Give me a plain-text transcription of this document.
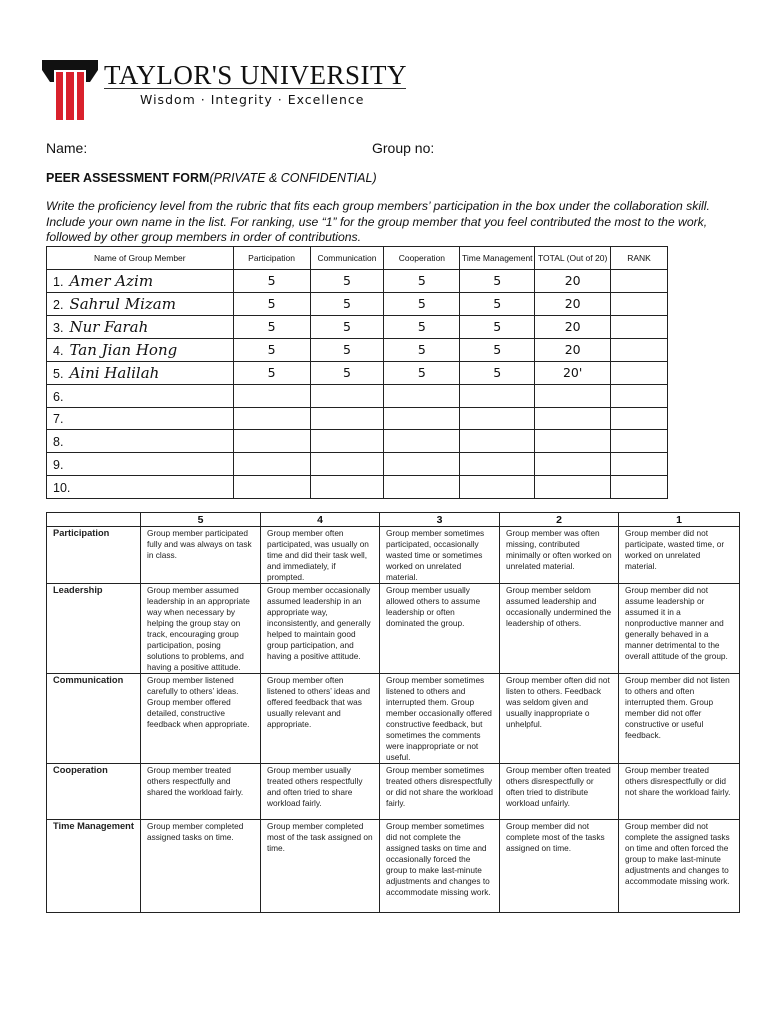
TAYLOR'S UNIVERSITY
Wisdom · Integrity · Excellence
Name:	Group no:
PEER ASSESSMENT FORM(PRIVATE & CONFIDENTIAL)
Write the proficiency level from the rubric that fits each group members’ participation in the box under the collaboration skill. Include your own name in the list. For ranking, use “1” for the group member that you feel contributed the most to the work, followed by other group members in order of contributions.
Name of Group Member	Participation	Communication	Cooperation	Time Management	TOTAL (Out of 20)	RANK
1. Amer Azim	5	5	5	5	20	
2. Sahrul Mizam	5	5	5	5	20	
3. Nur Farah	5	5	5	5	20	
4. Tan Jian Hong	5	5	5	5	20	
5. Aini Halilah	5	5	5	5	20'	
6.						
7.						
8.						
9.						
10.						
	5	4	3	2	1
Participation	Group member participated fully and was always on task in class.	Group member often participated, was usually on time and did their task well, and immediately, if prompted.	Group member sometimes participated, occasionally wasted time or sometimes worked on unrelated material.	Group member was often missing, contributed minimally or often worked on unrelated material.	Group member did not participate, wasted time, or worked on unrelated material.
Leadership	Group member assumed leadership in an appropriate way when necessary by helping the group stay on track, encouraging group participation, posing solutions to problems, and having a positive attitude.	Group member occasionally assumed leadership in an appropriate way, inconsistently, and generally helped to maintain good group participation, and having a positive attitude.	Group member usually allowed others to assume leadership or often dominated the group.	Group member seldom assumed leadership and occasionally undermined the leadership of others.	Group member did not assume leadership or assumed it in a nonproductive manner and generally behaved in a manner detrimental to the overall attitude of the group.
Communication	Group member listened carefully to others’ ideas. Group member offered detailed, constructive feedback when appropriate.	Group member often listened to others’ ideas and offered feedback that was usually relevant and appropriate.	Group member sometimes listened to others and interrupted them. Group member occasionally offered constructive feedback, but sometimes the comments were inappropriate or not useful.	Group member often did not listen to others. Feedback was seldom given and usually inappropriate o unhelpful.	Group member did not listen to others and often interrupted them. Group member did not offer constructive or useful feedback.
Cooperation	Group member treated others respectfully and shared the workload fairly.	Group member usually treated others respectfully and often tried to share workload fairly.	Group member sometimes treated others disrespectfully or did not share the workload fairly.	Group member often treated others disrespectfully or often tried to distribute workload unfairly.	Group member treated others disrespectfully or did not share the workload fairly.
Time Management	Group member completed assigned tasks on time.	Group member completed most of the task assigned on time.	Group member sometimes did not complete the assigned tasks on time and occasionally forced the group to make last-minute adjustments and changes to accommodate missing work.	Group member did not complete most of the tasks assigned on time.	Group member did not complete the assigned tasks on time and often forced the group to make last-minute adjustments and changes to accommodate missing work.
